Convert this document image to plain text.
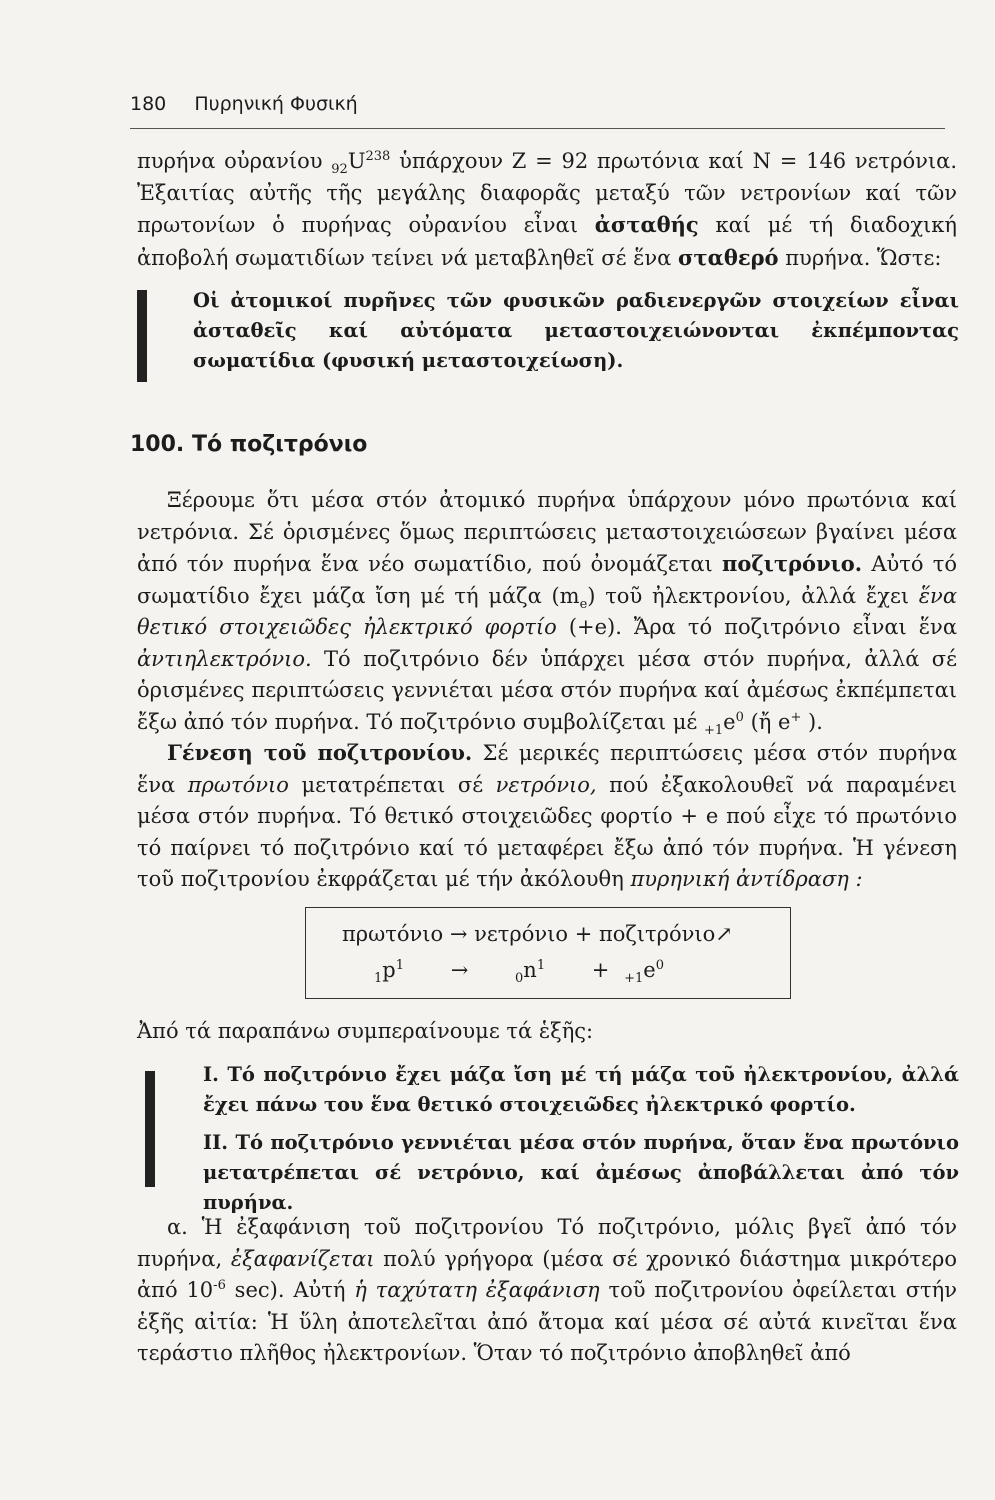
180 Πυρηνική Φυσική

πυρήνα οὐρανίου $_{92}U^{238}$ ὑπάρχουν Z = 92 πρωτόνια καί N = 146 νετρόνια. Ἐξαιτίας αὐτῆς τῆς μεγάλης διαφορᾶς μεταξύ τῶν νετρονίων καί τῶν πρωτονίων ὁ πυρήνας οὐρανίου εἶναι ἀσταθής καί μέ τή διαδοχική ἀποβολή σωματιδίων τείνει νά μεταβληθεῖ σέ ἕνα σταθερό πυρήνα. Ὥστε:

Οἱ ἀτομικοί πυρῆνες τῶν φυσικῶν ραδιενεργῶν στοιχείων εἶναι ἀσταθεῖς καί αὐτόματα μεταστοιχειώνονται ἐκπέμποντας σωματίδια (φυσική μεταστοιχείωση).
100. Τό ποζιτρόνιο

Ξέρουμε ὅτι μέσα στόν ἀτομικό πυρήνα ὑπάρχουν μόνο πρωτόνια καί νετρόνια. Σέ ὁρισμένες ὅμως περιπτώσεις μεταστοιχειώσεων βγαίνει μέσα ἀπό τόν πυρήνα ἕνα νέο σωματίδιο, πού ὀνομάζεται ποζιτρόνιο. Αὐτό τό σωματίδιο ἔχει μάζα ἴση μέ τή μάζα $(m_e)$ τοῦ ἠλεκτρονίου, ἀλλά ἔχει ἕνα θετικό στοιχειῶδες ἠλεκτρικό φορτίο (+e). Ἄρα τό ποζιτρόνιο εἶναι ἕνα ἀντιηλεκτρόνιο. Τό ποζιτρόνιο δέν ὑπάρχει μέσα στόν πυρήνα, ἀλλά σέ ὁρισμένες περιπτώσεις γεννιέται μέσα στόν πυρήνα καί ἀμέσως ἐκπέμπεται ἔξω ἀπό τόν πυρήνα. Τό ποζιτρόνιο συμβολίζεται μέ $_{+1}e^0$ (ἤ e+ ).

Γένεση τοῦ ποζιτρονίου. Σέ μερικές περιπτώσεις μέσα στόν πυρήνα ἕνα πρωτόνιο μετατρέπεται σέ νετρόνιο, πού ἐξακολουθεῖ νά παραμένει μέσα στόν πυρήνα. Τό θετικό στοιχειῶδες φορτίο + e πού εἶχε τό πρωτόνιο τό παίρνει τό ποζιτρόνιο καί τό μεταφέρει ἔξω ἀπό τόν πυρήνα. Ἡ γένεση τοῦ ποζιτρονίου ἐκφράζεται μέ τήν ἀκόλουθη πυρηνική ἀντίδραση :

πρωτόνιο → νετρόνιο + ποζιτρόνιο↗
$_1p^1$ →	$_0n^1 + _{+1}e^0$
Ἀπό τά παραπάνω συμπεραίνουμε τά ἑξῆς:

I. Τό ποζιτρόνιο ἔχει μάζα ἴση μέ τή μάζα τοῦ ἠλεκτρονίου, ἀλλά ἔχει πάνω του ἕνα θετικό στοιχειῶδες ἠλεκτρικό φορτίο.

II. Τό ποζιτρόνιο γεννιέται μέσα στόν πυρήνα, ὅταν ἕνα πρωτόνιο μετατρέπεται σέ νετρόνιο, καί ἀμέσως ἀποβάλλεται ἀπό τόν πυρήνα.

α. Ἡ ἐξαφάνιση τοῦ ποζιτρονίου Τό ποζιτρόνιο, μόλις βγεῖ ἀπό τόν πυρήνα, ἐξαφανίζεται πολύ γρήγορα (μέσα σέ χρονικό διάστημα μικρότερο ἀπό $10^{-6}$ sec). Αὐτή ἡ ταχύτατη ἐξαφάνιση τοῦ ποζιτρονίου ὀφείλεται στήν ἑξῆς αἰτία: Ἡ ὕλη ἀποτελεῖται ἀπό ἄτομα καί μέσα σέ αὐτά κινεῖται ἕνα τεράστιο πλῆθος ἠλεκτρονίων. Ὅταν τό ποζιτρόνιο ἀποβληθεῖ ἀπό
